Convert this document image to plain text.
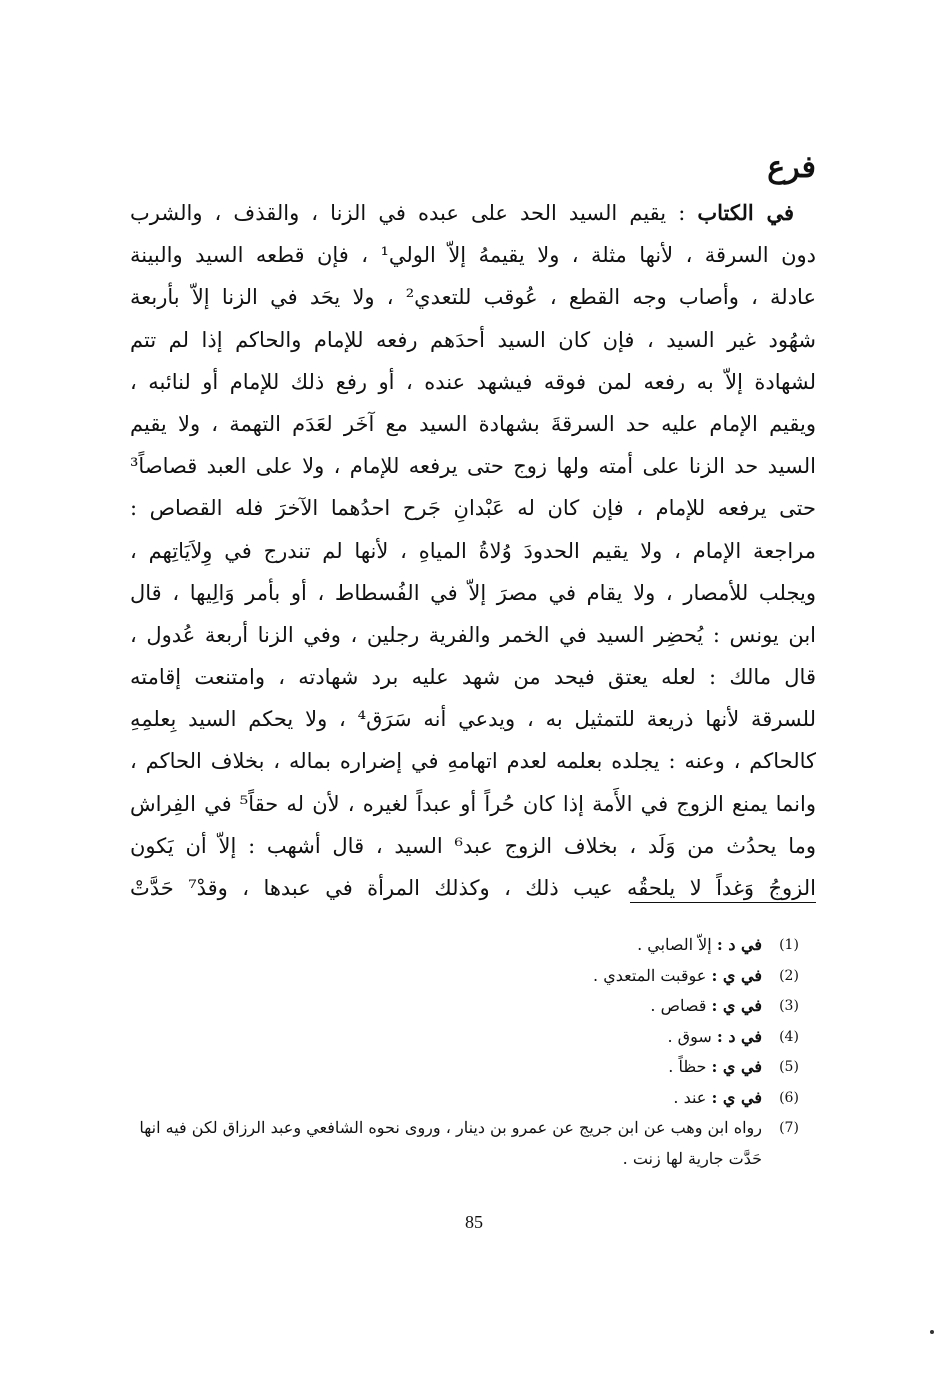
فرع
في الكتاب : يقيم السيد الحد على عبده في الزنا ، والقذف ، والشرب
دون السرقة ، لأنها مثلة ، ولا يقيمهُ إلاّ الولي¹ ، فإن قطعه السيد والبينة
عادلة ، وأصاب وجه القطع ، عُوقب للتعدي² ، ولا يحَد في الزنا إلاّ بأربعة
شهُود غير السيد ، فإن كان السيد أحدَهم رفعه للإمام والحاكم إذا لم تتم
لشهادة إلاّ به رفعه لمن فوقه فيشهد عنده ، أو رفع ذلك للإمام أو لنائبه ،
ويقيم الإمام عليه حد السرقةَ بشهادة السيد مع آخَر لعَدَم التهمة ، ولا يقيم
السيد حد الزنا على أمته ولها زوج حتى يرفعه للإمام ، ولا على العبد قصاصاً³
حتى يرفعه للإمام ، فإن كان له عَبْدانِ جَرح احدُهما الآخرَ فله القصاص :
مراجعة الإمام ، ولا يقيم الحدودَ وُلاةُ المياهِ ، لأنها لم تندرج في وِلاَيَاتِهم ،
ويجلب للأمصار ، ولا يقام في مصرَ إلاّ في الفُسطاط ، أو بأمر وَالِيها ، قال
ابن يونس : يُحضِر السيد في الخمر والفرية رجلين ، وفي الزنا أربعة عُدول ،
قال مالك : لعله يعتق فيحد من شهد عليه برد شهادته ، وامتنعت إقامته
للسرقة لأنها ذريعة للتمثيل به ، ويدعي أنه سَرَق⁴ ، ولا يحكم السيد بِعلمِهِ
كالحاكم ، وعنه : يجلده بعلمه لعدم اتهامهِ في إضراره بماله ، بخلاف الحاكم ،
وانما يمنع الزوج في الأَمة إذا كان حُراً أو عبداً لغيره ، لأن له حقاً⁵ في الفِراش
وما يحدُث من وَلَد ، بخلاف الزوج عبد⁶ السيد ، قال أشهب : إلاّ أن يَكون
الزوجُ وَغداً لا يلحقُه عيب ذلك ، وكذلك المرأة في عبدها ، وقدْ⁷ حَدَّتْ
(1)
في د : إلاّ الصابي .
(2)
في ي : عوقبت المتعدي .
(3)
في ي : قصاص .
(4)
في د : سوق .
(5)
في ي : حظاً .
(6)
في ي : عند .
(7)
رواه ابن وهب عن ابن جريج عن عمرو بن دينار ، وروى نحوه الشافعي وعبد الرزاق لكن فيه انها حَدَّت جارية لها زنت .
85
